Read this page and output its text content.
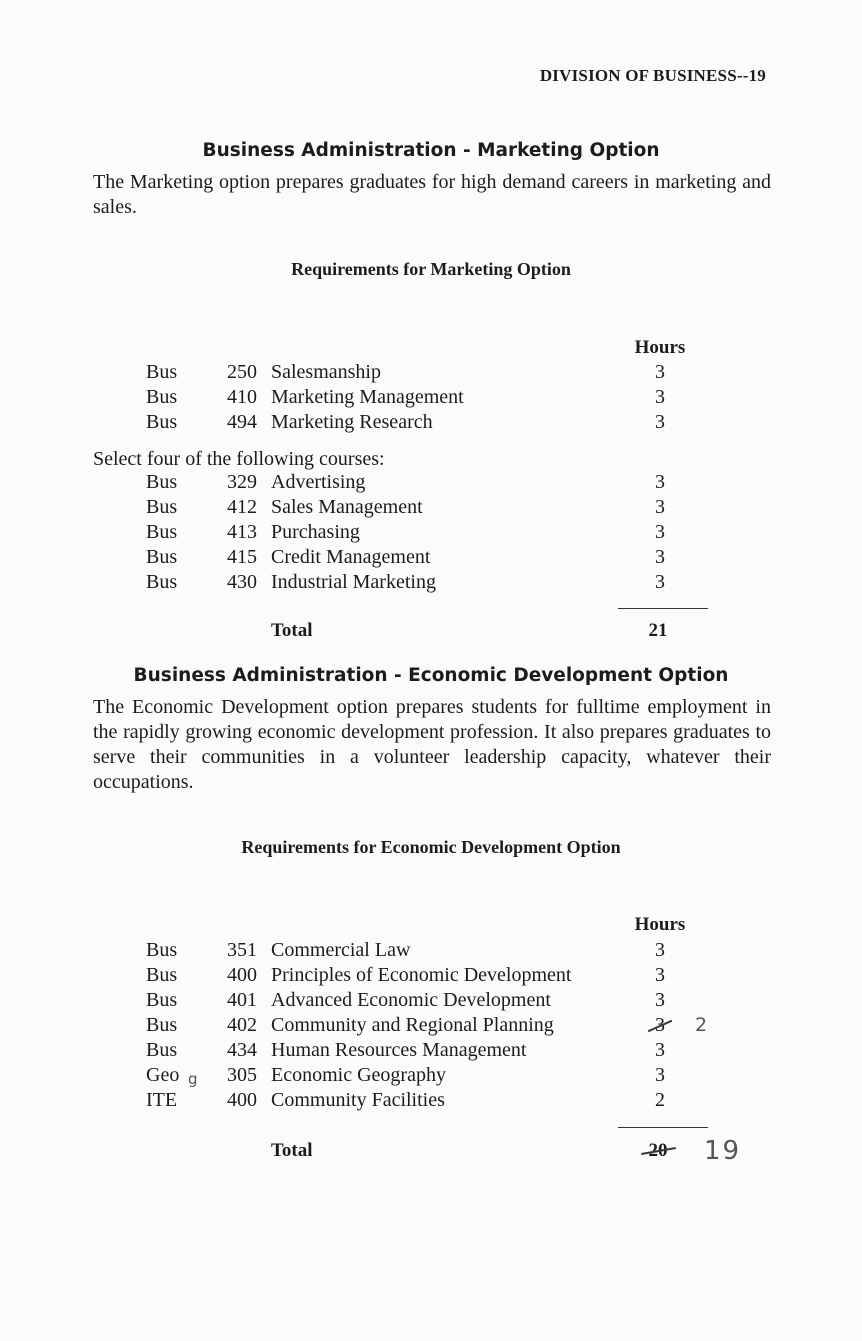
DIVISION OF BUSINESS--19
Business Administration - Marketing Option
The Marketing option prepares graduates for high demand careers in marketing and sales.
Requirements for Marketing Option
Hours
Bus 250 Salesmanship	3
Bus 410 Marketing Management	3
Bus 494 Marketing Research	3
Select four of the following courses:
Bus 329 Advertising	3
Bus 412 Sales Management	3
Bus 413 Purchasing	3
Bus 415 Credit Management	3
Bus 430 Industrial Marketing	3
Total	21
Business Administration - Economic Development Option
The Economic Development option prepares students for fulltime employment in the rapidly growing economic development profession. It also prepares graduates to serve their communities in a volunteer leadership capacity, whatever their occupations.
Requirements for Economic Development Option
Hours
Bus 351 Commercial Law	3
Bus 400 Principles of Economic Development	3
Bus 401 Advanced Economic Development	3
Bus 402 Community and Regional Planning	3	2
Bus 434 Human Resources Management	3
Geo g 305 Economic Geography	3
ITE 400 Community Facilities	2
Total	20	19
